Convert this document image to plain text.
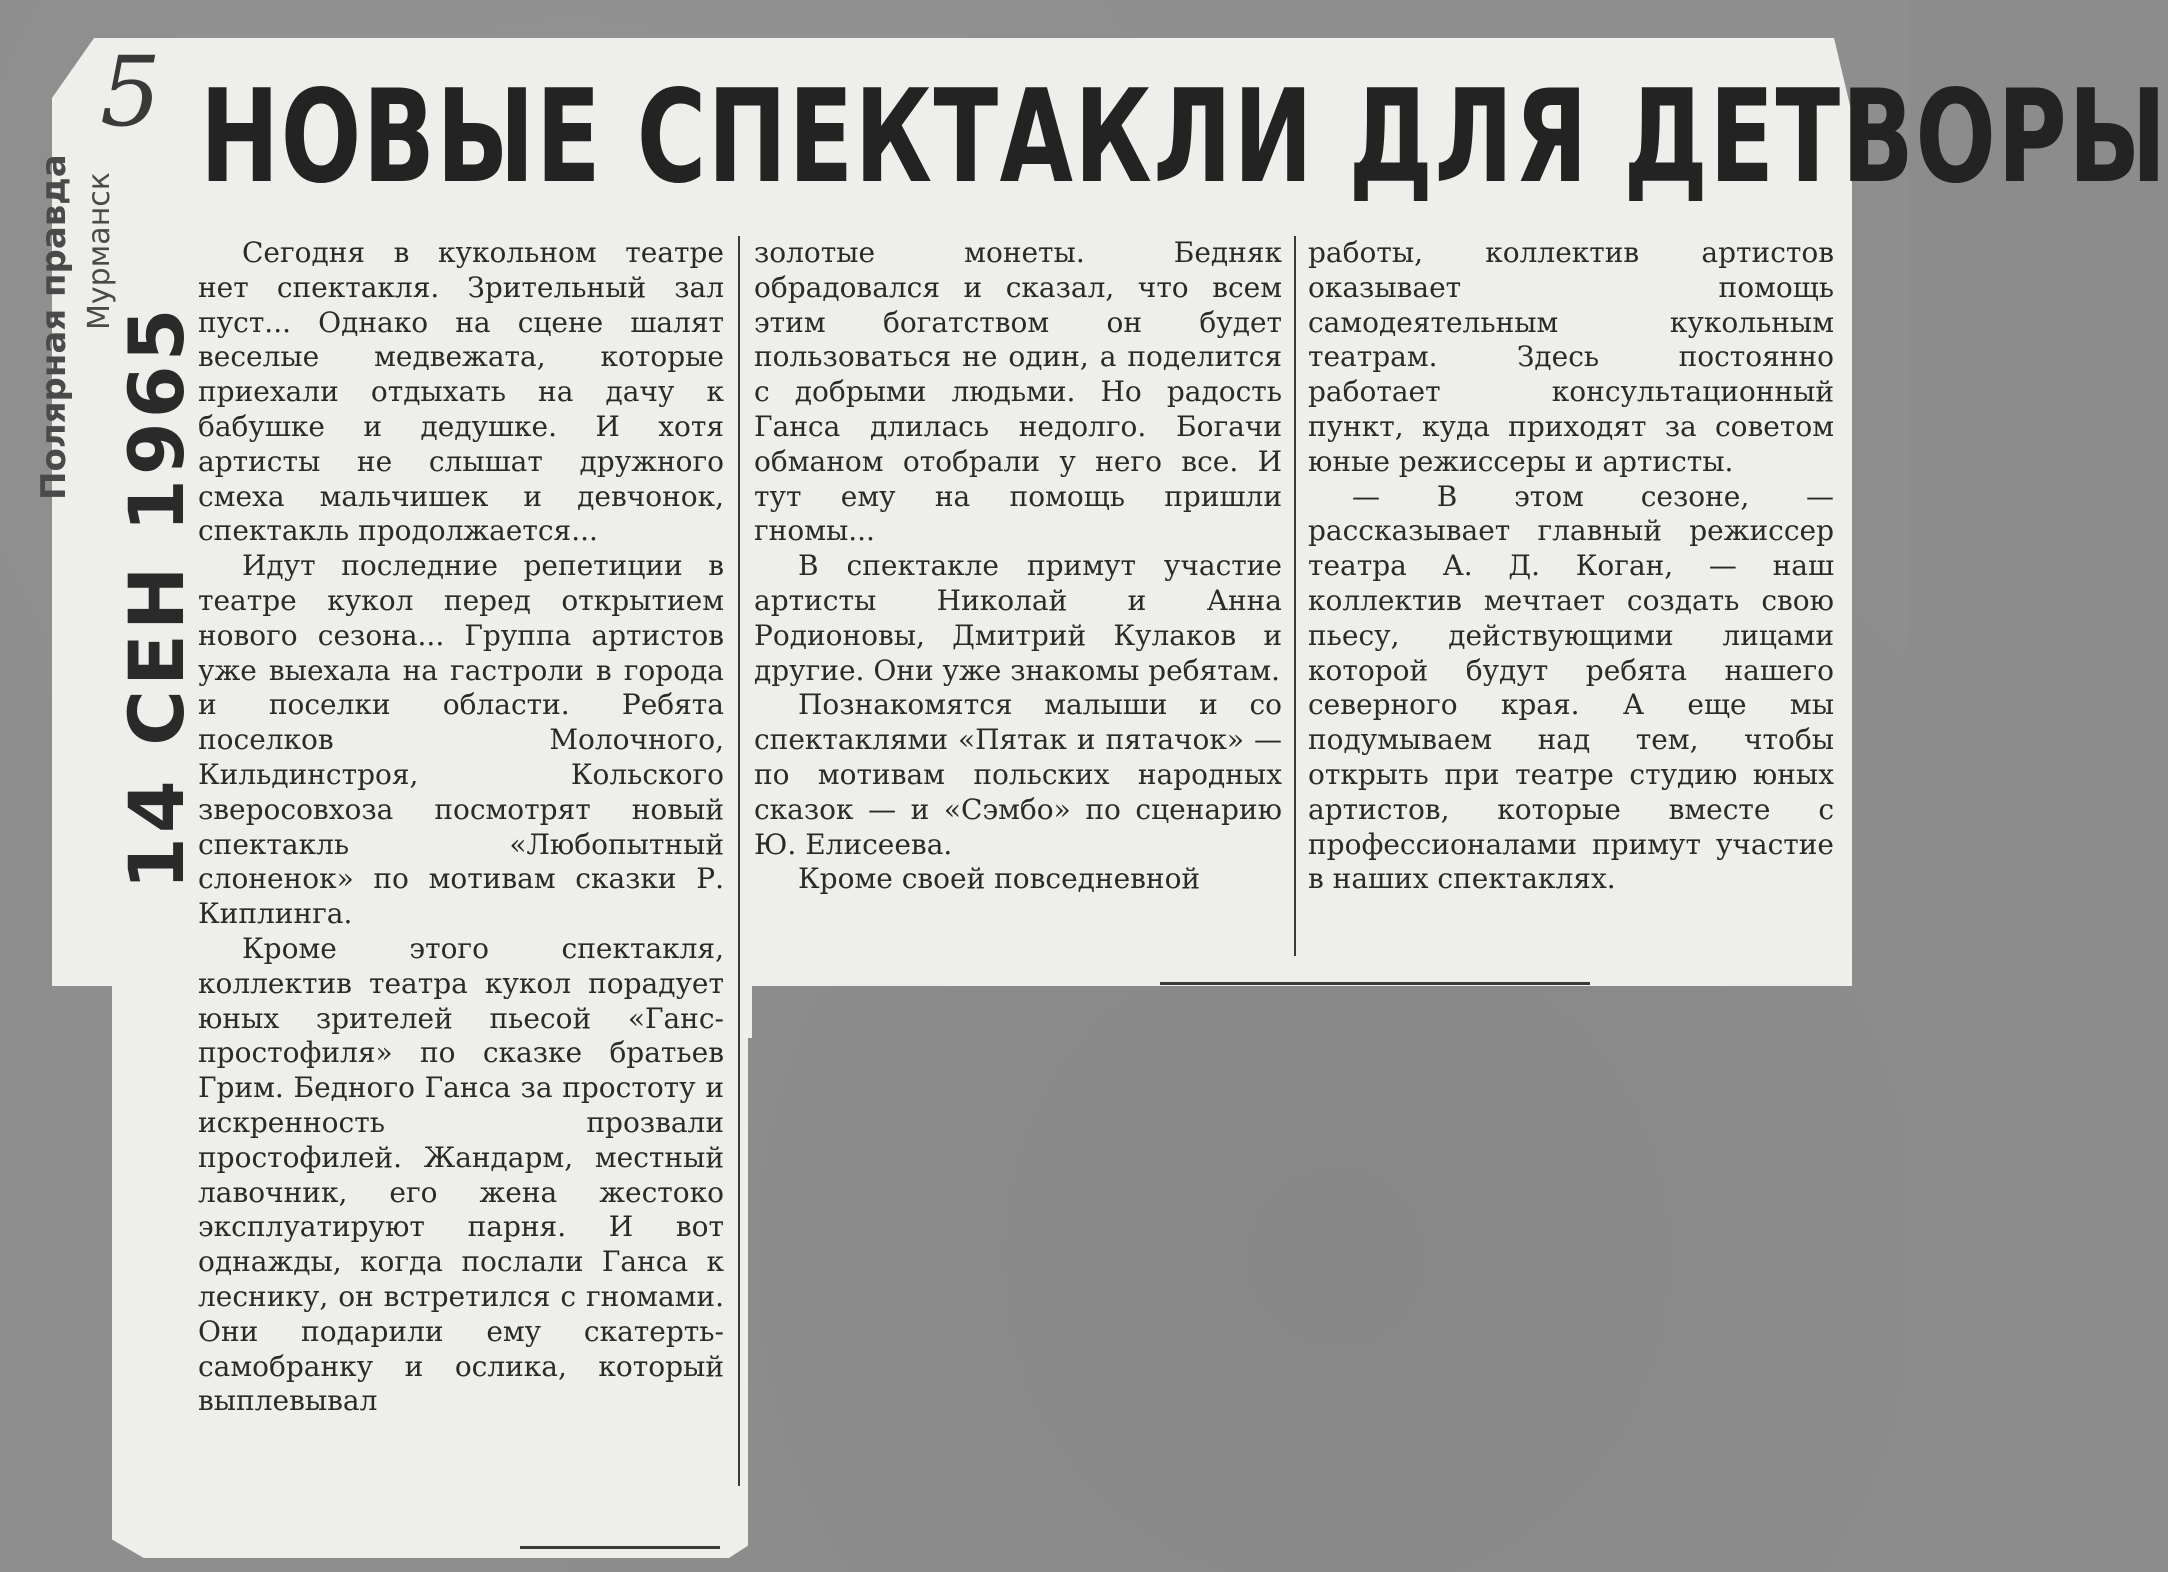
5
Полярная правда Мурманск
14 СЕН 1965
НОВЫЕ СПЕКТАКЛИ ДЛЯ ДЕТВОРЫ

Сегодня в кукольном театре нет спектакля. Зрительный зал пуст... Однако на сцене шалят веселые медвежата, которые приехали отдыхать на дачу к бабушке и дедушке. И хотя артисты не слышат дружного смеха мальчишек и девчонок, спектакль продолжается...

Идут последние репетиции в театре кукол перед открытием нового сезона... Группа артистов уже выехала на гастроли в города и поселки области. Ребята поселков Молочного, Кильдинстроя, Кольского зверосовхоза посмотрят новый спектакль «Любопытный слоненок» по мотивам сказки Р. Киплинга.

Кроме этого спектакля, коллектив театра кукол порадует юных зрителей пьесой «Ганс-простофиля» по сказке братьев Грим. Бедного Ганса за простоту и искренность прозвали простофилей. Жандарм, местный лавочник, его жена жестоко эксплуатируют парня. И вот однажды, когда послали Ганса к леснику, он встретился с гномами. Они подарили ему скатерть-самобранку и ослика, который выплевывал

золотые монеты. Бедняк обрадовался и сказал, что всем этим богатством он будет пользоваться не один, а поделится с добрыми людьми. Но радость Ганса длилась недолго. Богачи обманом отобрали у него все. И тут ему на помощь пришли гномы...

В спектакле примут участие артисты Николай и Анна Родионовы, Дмитрий Кулаков и другие. Они уже знакомы ребятам.

Познакомятся малыши и со спектаклями «Пятак и пятачок» — по мотивам польских народных сказок — и «Сэмбо» по сценарию Ю. Елисеева.

Кроме своей повседневной

работы, коллектив артистов оказывает помощь самодеятельным кукольным театрам. Здесь постоянно работает консультационный пункт, куда приходят за советом юные режиссеры и артисты.

— В этом сезоне, — рассказывает главный режиссер театра А. Д. Коган, — наш коллектив мечтает создать свою пьесу, действующими лицами которой будут ребята нашего северного края. А еще мы подумываем над тем, чтобы открыть при театре студию юных артистов, которые вместе с профессионалами примут участие в наших спектаклях.
